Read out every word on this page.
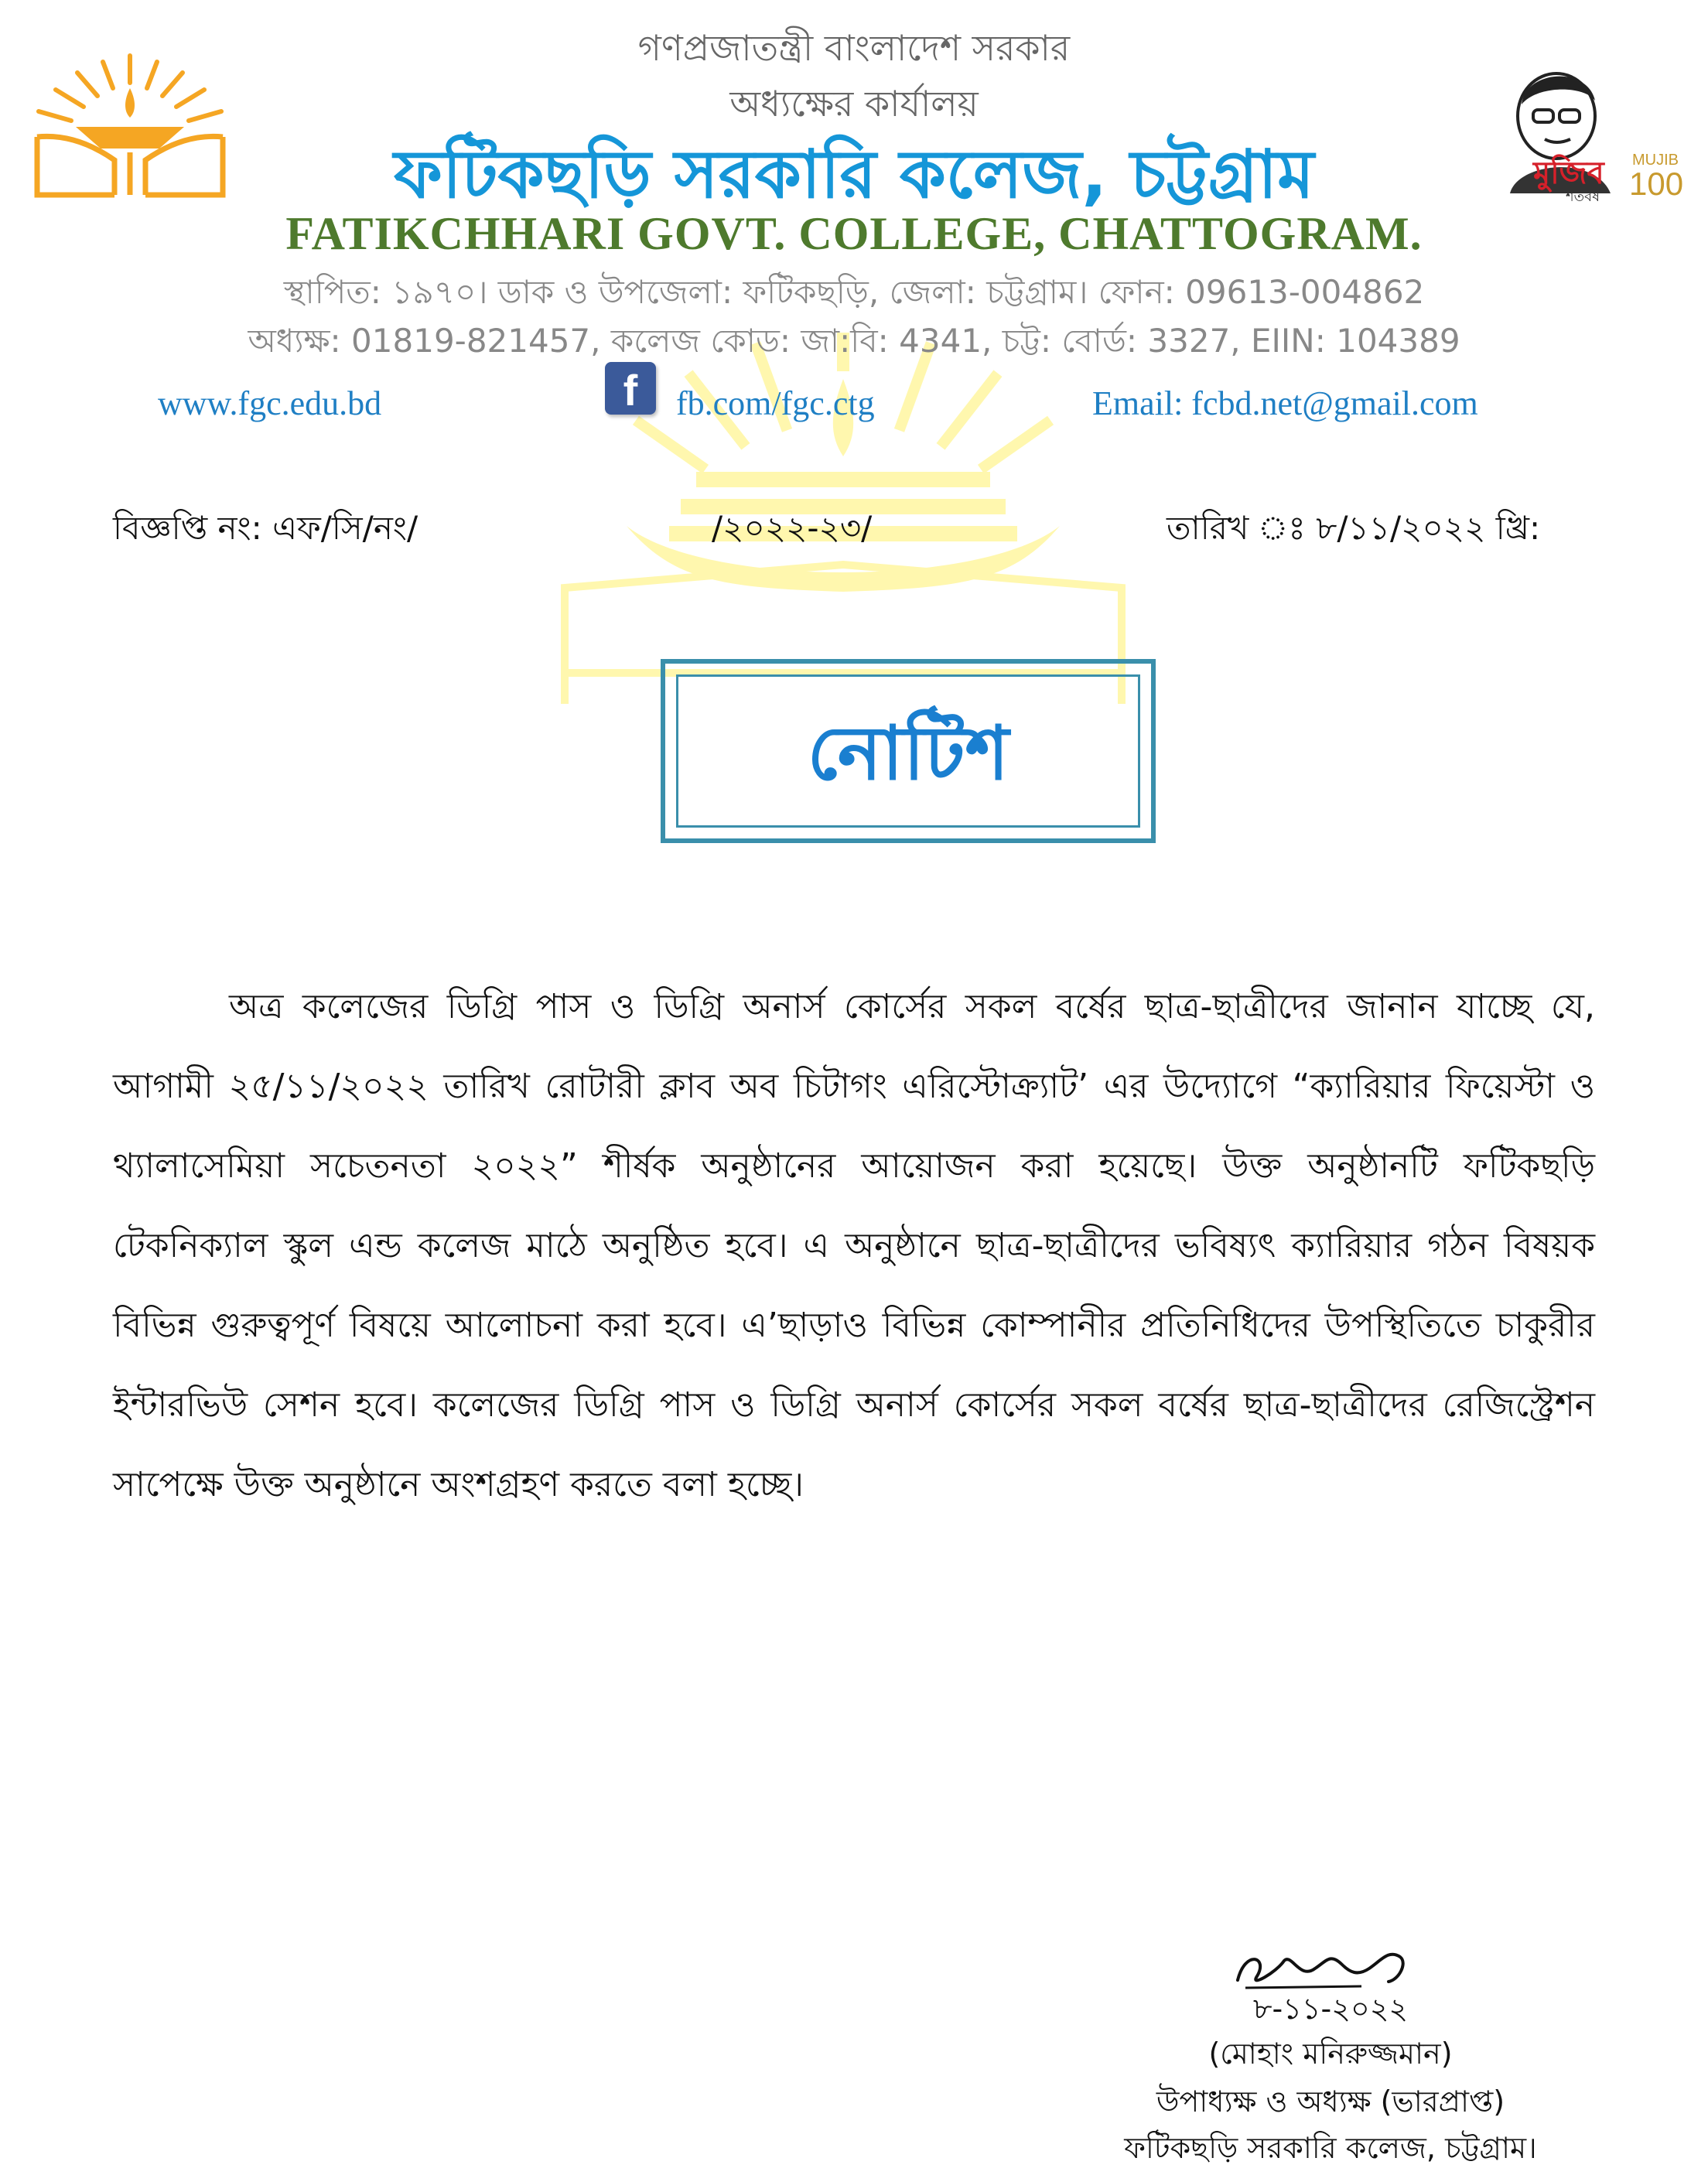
মুজিব
শতবর্ষ
MUJIB
100
গণপ্রজাতন্ত্রী বাংলাদেশ সরকার
অধ্যক্ষের কার্যালয়
ফটিকছড়ি সরকারি কলেজ, চট্টগ্রাম
FATIKCHHARI GOVT. COLLEGE, CHATTOGRAM.
স্থাপিত: ১৯৭০। ডাক ও উপজেলা: ফটিকছড়ি, জেলা: চট্টগ্রাম। ফোন: 09613-004862
অধ্যক্ষ: 01819-821457, কলেজ কোড: জা:বি: 4341, চট্ট: বোর্ড: 3327, EIIN: 104389
www.fgc.edu.bd	f	fb.com/fgc.ctg	Email: fcbd.net@gmail.com
বিজ্ঞপ্তি নং: এফ/সি/নং/	/২০২২-২৩/	তারিখ ঃ ৮/১১/২০২২ খ্রি:
নোটিশ
অত্র কলেজের ডিগ্রি পাস ও ডিগ্রি অনার্স কোর্সের সকল বর্ষের ছাত্র-ছাত্রীদের জানান যাচ্ছে যে, আগামী ২৫/১১/২০২২ তারিখ রোটারী ক্লাব অব চিটাগং এরিস্টোক্র্যাট’ এর উদ্যোগে “ক্যারিয়ার ফিয়েস্টা ও থ্যালাসেমিয়া সচেতনতা ২০২২” শীর্ষক অনুষ্ঠানের আয়োজন করা হয়েছে। উক্ত অনুষ্ঠানটি ফটিকছড়ি টেকনিক্যাল স্কুল এন্ড কলেজ মাঠে অনুষ্ঠিত হবে। এ অনুষ্ঠানে ছাত্র-ছাত্রীদের ভবিষ্যৎ ক্যারিয়ার গঠন বিষয়ক বিভিন্ন গুরুত্বপূর্ণ বিষয়ে আলোচনা করা হবে। এ’ছাড়াও বিভিন্ন কোম্পানীর প্রতিনিধিদের উপস্থিতিতে চাকুরীর ইন্টারভিউ সেশন হবে। কলেজের ডিগ্রি পাস ও ডিগ্রি অনার্স কোর্সের সকল বর্ষের ছাত্র-ছাত্রীদের রেজিস্ট্রেশন সাপেক্ষে উক্ত অনুষ্ঠানে অংশগ্রহণ করতে বলা হচ্ছে।
৮-১১-২০২২
(মোহাং মনিরুজ্জমান)
উপাধ্যক্ষ ও অধ্যক্ষ (ভারপ্রাপ্ত)
ফটিকছড়ি সরকারি কলেজ, চট্টগ্রাম।
